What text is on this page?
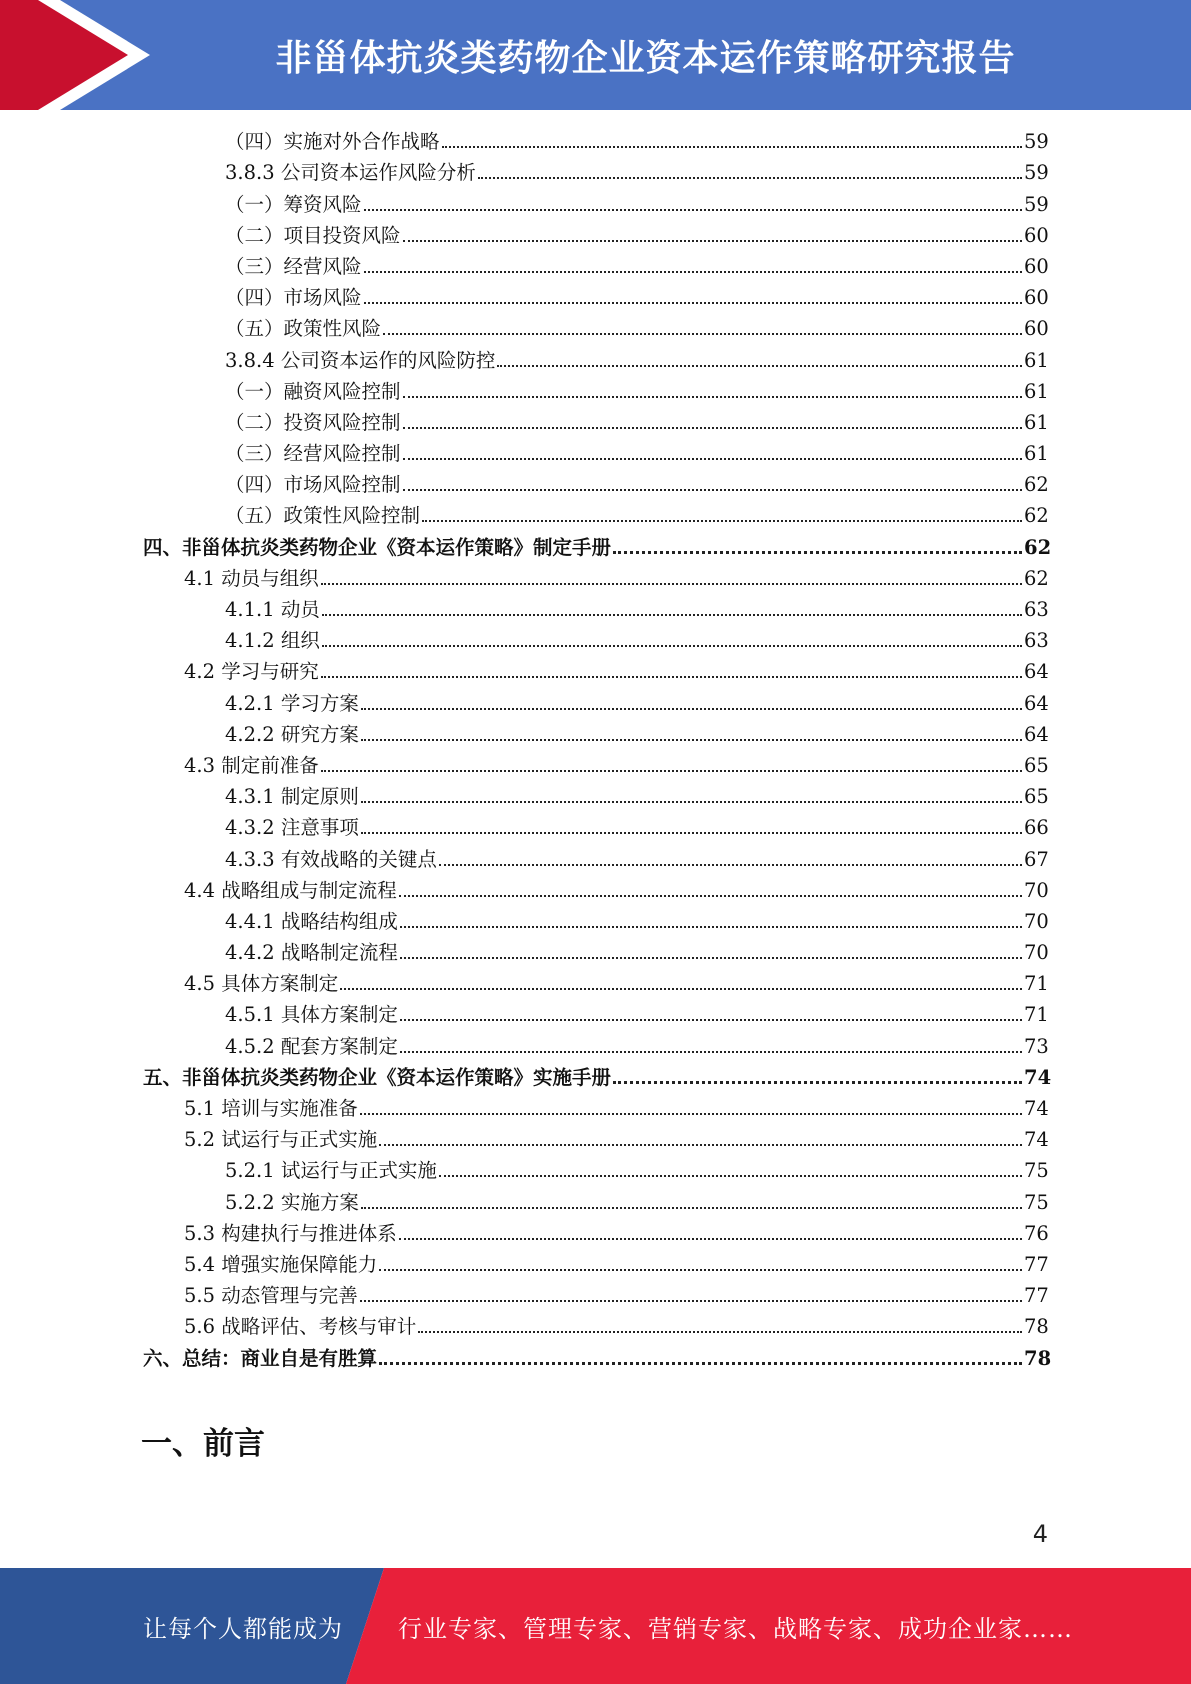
非甾体抗炎类药物企业资本运作策略研究报告
（四）实施对外合作战略	59
3.8.3 公司资本运作风险分析	59
（一）筹资风险	59
（二）项目投资风险	60
（三）经营风险	60
（四）市场风险	60
（五）政策性风险	60
3.8.4 公司资本运作的风险防控	61
（一）融资风险控制	61
（二）投资风险控制	61
（三）经营风险控制	61
（四）市场风险控制	62
（五）政策性风险控制	62
四、非甾体抗炎类药物企业《资本运作策略》制定手册	62
4.1 动员与组织	62
4.1.1 动员	63
4.1.2 组织	63
4.2 学习与研究	64
4.2.1 学习方案	64
4.2.2 研究方案	64
4.3 制定前准备	65
4.3.1 制定原则	65
4.3.2 注意事项	66
4.3.3 有效战略的关键点	67
4.4 战略组成与制定流程	70
4.4.1 战略结构组成	70
4.4.2 战略制定流程	70
4.5 具体方案制定	71
4.5.1 具体方案制定	71
4.5.2 配套方案制定	73
五、非甾体抗炎类药物企业《资本运作策略》实施手册	74
5.1 培训与实施准备	74
5.2 试运行与正式实施	74
5.2.1 试运行与正式实施	75
5.2.2 实施方案	75
5.3 构建执行与推进体系	76
5.4 增强实施保障能力	77
5.5 动态管理与完善	77
5.6 战略评估、考核与审计	78
六、总结：商业自是有胜算	78
一、前言
4
让每个人都能成为 行业专家、管理专家、营销专家、战略专家、成功企业家……
